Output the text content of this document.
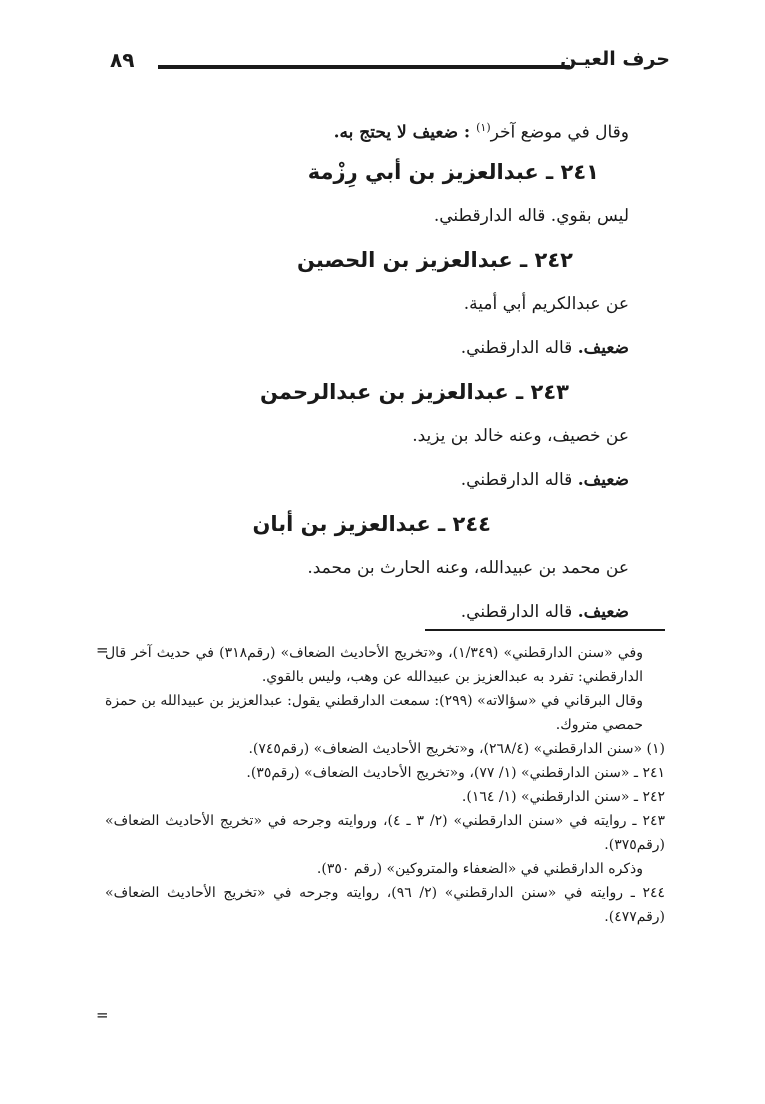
حرف العيـن
٨٩
وقال في موضع آخر$^{(١)}$ : ضعيف لا يحتج به.
٢٤١ ـ عبدالعزيز بن أبي رِزْمة
ليس بقوي. قاله الدارقطني.
٢٤٢ ـ عبدالعزيز بن الحصين
عن عبدالكريم أبي أمية.
ضعيف. قاله الدارقطني.
٢٤٣ ـ عبدالعزيز بن عبدالرحمن
عن خصيف، وعنه خالد بن يزيد.
ضعيف. قاله الدارقطني.
٢٤٤ ـ عبدالعزيز بن أبان
عن محمد بن عبيدالله، وعنه الحارث بن محمد.
ضعيف. قاله الدارقطني.
=
وفي «سنن الدارقطني» (١/٣٤٩)، و«تخريج الأحاديث الضعاف» (رقم٣١٨) في حديث آخر قال الدارقطني: تفرد به عبدالعزيز بن عبيدالله عن وهب، وليس بالقوي.
وقال البرقاني في «سؤالاته» (٢٩٩): سمعت الدارقطني يقول: عبدالعزيز بن عبيدالله بن حمزة حمصي متروك.
(١) «سنن الدارقطني» (٢٦٨/٤)، و«تخريج الأحاديث الضعاف» (رقم٧٤٥).
٢٤١ ـ «سنن الدارقطني» (١/ ٧٧)، و«تخريج الأحاديث الضعاف» (رقم٣٥).
٢٤٢ ـ «سنن الدارقطني» (١/ ١٦٤).
٢٤٣ ـ روايته في «سنن الدارقطني» (٢/ ٣ ـ ٤)، وروايته وجرحه في «تخريج الأحاديث الضعاف» (رقم٣٧٥).
وذكره الدارقطني في «الضعفاء والمتروكين» (رقم ٣٥٠).
٢٤٤ ـ روايته في «سنن الدارقطني» (٢/ ٩٦)، روايته وجرحه في «تخريج الأحاديث الضعاف» (رقم٤٧٧).
=
